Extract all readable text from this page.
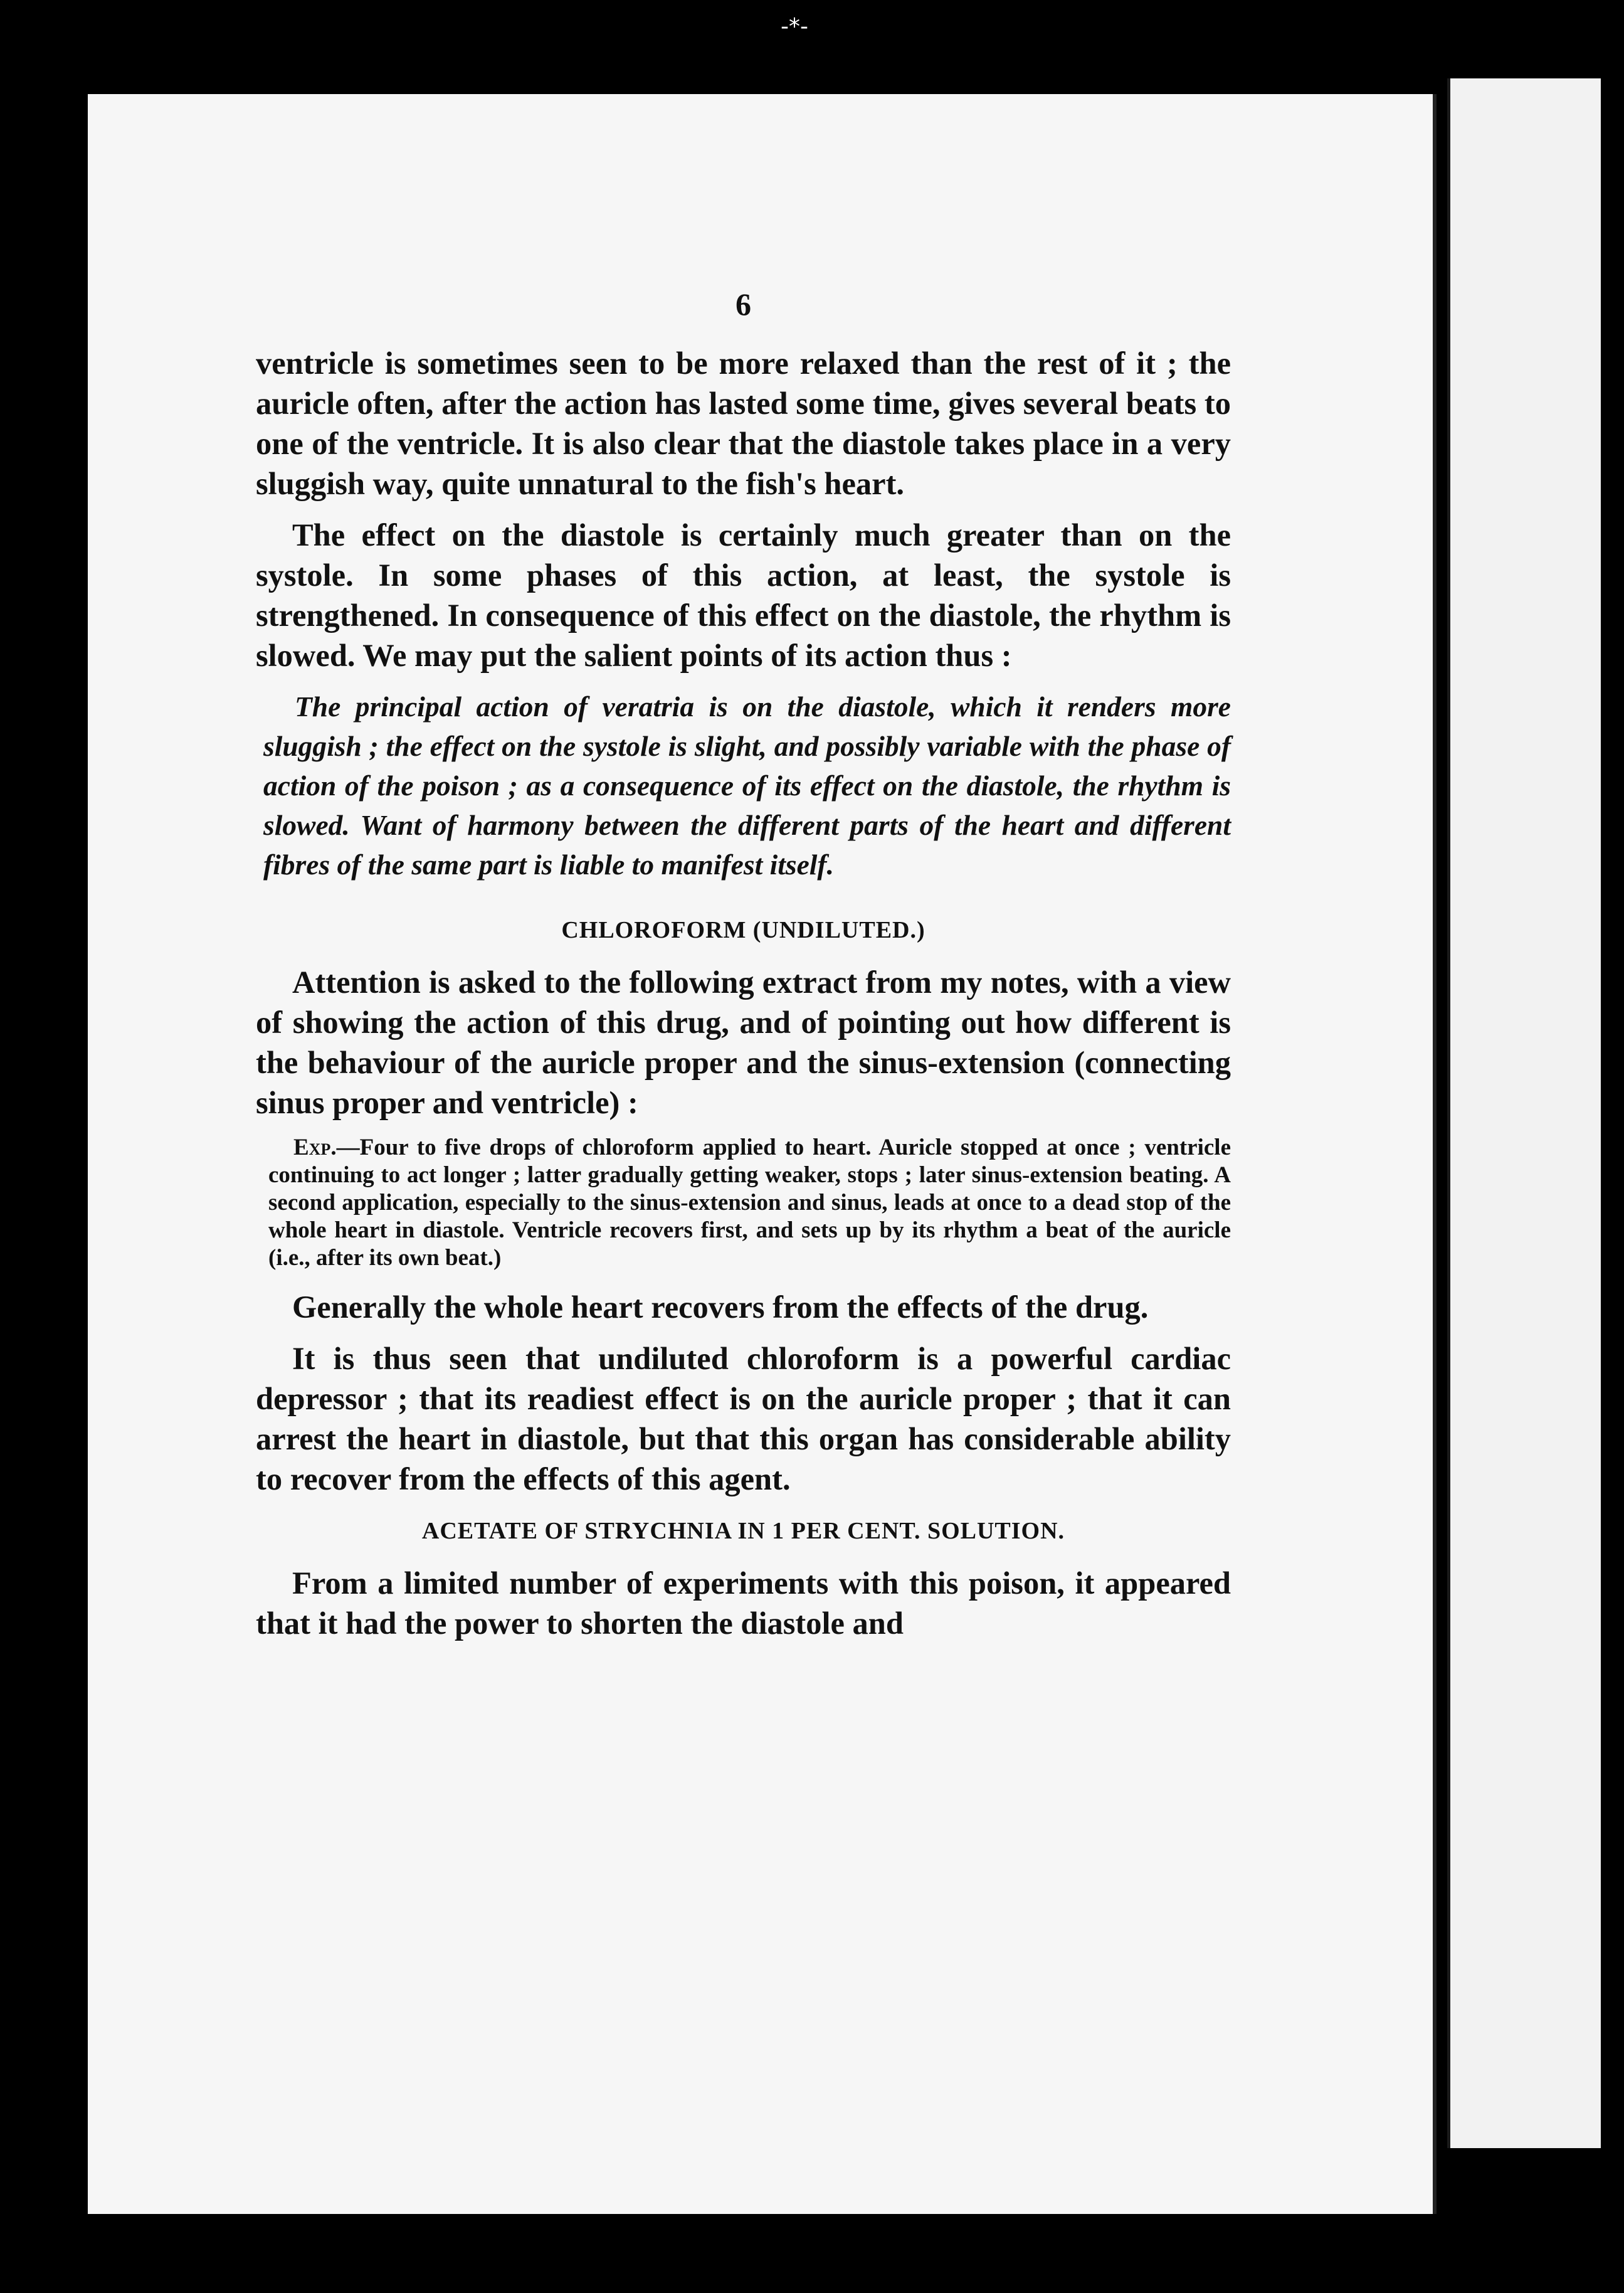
-*-
6

ventricle is sometimes seen to be more relaxed than the rest of it ; the auricle often, after the action has lasted some time, gives several beats to one of the ventricle. It is also clear that the diastole takes place in a very sluggish way, quite unnatural to the fish's heart.

The effect on the diastole is certainly much greater than on the systole. In some phases of this action, at least, the systole is strengthened. In consequence of this effect on the diastole, the rhythm is slowed. We may put the salient points of its action thus :

The principal action of veratria is on the diastole, which it renders more sluggish ; the effect on the systole is slight, and possibly variable with the phase of action of the poison ; as a consequence of its effect on the diastole, the rhythm is slowed. Want of harmony between the different parts of the heart and different fibres of the same part is liable to manifest itself.

CHLOROFORM (UNDILUTED.)

Attention is asked to the following extract from my notes, with a view of showing the action of this drug, and of pointing out how different is the behaviour of the auricle proper and the sinus-extension (connecting sinus proper and ventricle) :

Exp.—Four to five drops of chloroform applied to heart. Auricle stopped at once ; ventricle continuing to act longer ; latter gradually getting weaker, stops ; later sinus-extension beating. A second application, especially to the sinus-extension and sinus, leads at once to a dead stop of the whole heart in diastole. Ventricle recovers first, and sets up by its rhythm a beat of the auricle (i.e., after its own beat.)

Generally the whole heart recovers from the effects of the drug.

It is thus seen that undiluted chloroform is a powerful cardiac depressor ; that its readiest effect is on the auricle proper ; that it can arrest the heart in diastole, but that this organ has considerable ability to recover from the effects of this agent.

ACETATE OF STRYCHNIA IN 1 PER CENT. SOLUTION.

From a limited number of experiments with this poison, it appeared that it had the power to shorten the diastole and
